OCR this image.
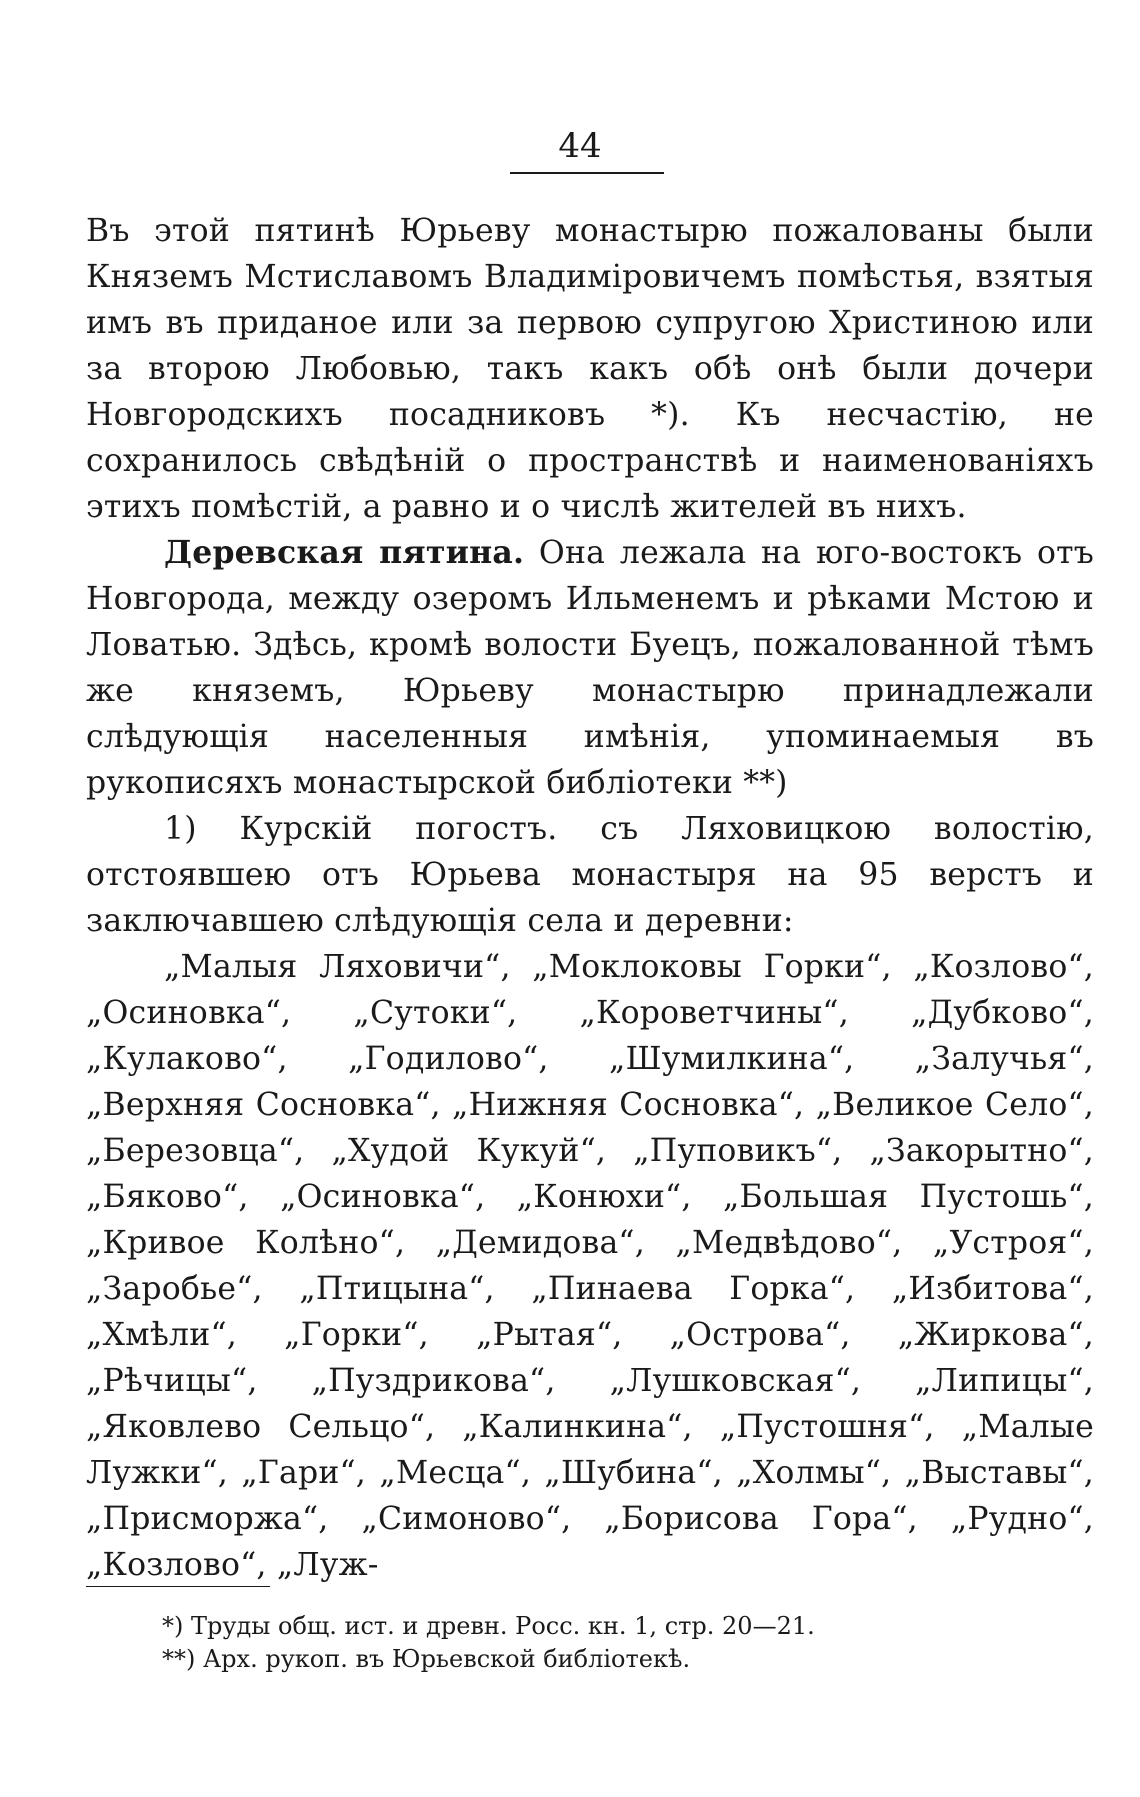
44

Въ этой пятинѣ Юрьеву монастырю пожалованы были Княземъ Мстиславомъ Владиміровичемъ помѣстья, взятыя имъ въ приданое или за первою супругою Христиною или за второю Любовью, такъ какъ обѣ онѣ были дочери Новгородскихъ посадниковъ *). Къ несчастію, не сохранилось свѣдѣній о пространствѣ и наименованіяхъ этихъ помѣстій, а равно и о числѣ жителей въ нихъ.

Деревская пятина. Она лежала на юго-востокъ отъ Новгорода, между озеромъ Ильменемъ и рѣками Мстою и Ловатью. Здѣсь, кромѣ волости Буецъ, пожалованной тѣмъ же княземъ, Юрьеву монастырю принадлежали слѣдующія населенныя имѣнія, упоминаемыя въ рукописяхъ монастырской библіотеки **)

1) Курскій погостъ. съ Ляховицкою волостію, отстоявшею отъ Юрьева монастыря на 95 верстъ и заключавшею слѣдующія села и деревни:

„Малыя Ляховичи“, „Моклоковы Горки“, „Козлово“, „Осиновка“, „Сутоки“, „Короветчины“, „Дубково“, „Кулаково“, „Годилово“, „Шумилкина“, „Залучья“, „Верхняя Сосновка“, „Нижняя Сосновка“, „Великое Село“, „Березовца“, „Худой Кукуй“, „Пуповикъ“, „Закорытно“, „Бяково“, „Осиновка“, „Конюхи“, „Большая Пустошь“, „Кривое Колѣно“, „Демидова“, „Медвѣдово“, „Устроя“, „Заробье“, „Птицына“, „Пинаева Горка“, „Избитова“, „Хмѣли“, „Горки“, „Рытая“, „Острова“, „Жиркова“, „Рѣчицы“, „Пуздрикова“, „Лушковская“, „Липицы“, „Яковлево Сельцо“, „Калинкина“, „Пустошня“, „Малые Лужки“, „Гари“, „Месца“, „Шубина“, „Холмы“, „Выставы“, „Присморжа“, „Симоново“, „Борисова Гора“, „Рудно“, „Козлово“, „Луж-

*) Труды общ. ист. и древн. Росс. кн. 1, стр. 20—21.

**) Арх. рукоп. въ Юрьевской библіотекѣ.
